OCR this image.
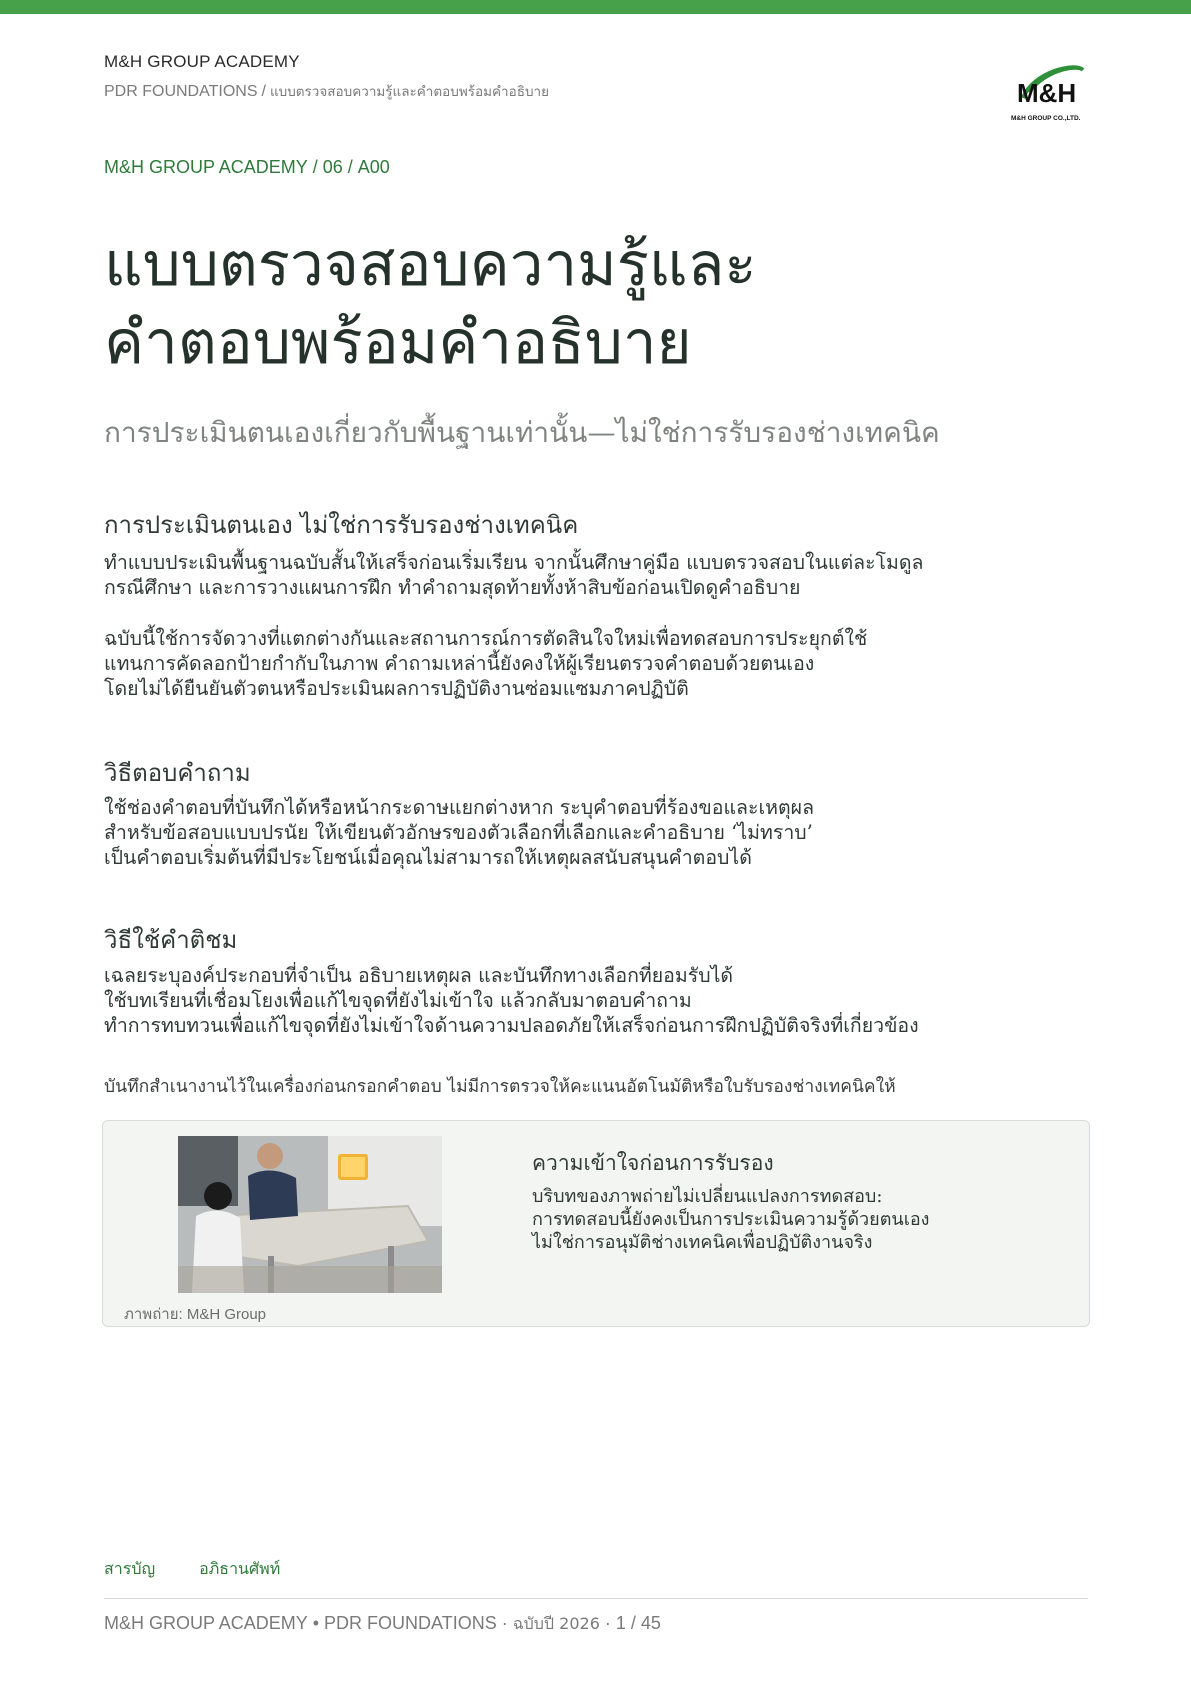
M&H GROUP ACADEMY
PDR FOUNDATIONS / แบบตรวจสอบความรู้และคำตอบพร้อมคำอธิบาย	M&H
M&H GROUP CO.,LTD.
M&H GROUP ACADEMY / 06 / A00
แบบตรวจสอบความรู้และ
คำตอบพร้อมคำอธิบาย
การประเมินตนเองเกี่ยวกับพื้นฐานเท่านั้น—ไม่ใช่การรับรองช่างเทคนิค
การประเมินตนเอง ไม่ใช่การรับรองช่างเทคนิค

ทำแบบประเมินพื้นฐานฉบับสั้นให้เสร็จก่อนเริ่มเรียน จากนั้นศึกษาคู่มือ แบบตรวจสอบในแต่ละโมดูล
กรณีศึกษา และการวางแผนการฝึก ทำคำถามสุดท้ายทั้งห้าสิบข้อก่อนเปิดดูคำอธิบาย

ฉบับนี้ใช้การจัดวางที่แตกต่างกันและสถานการณ์การตัดสินใจใหม่เพื่อทดสอบการประยุกต์ใช้
แทนการคัดลอกป้ายกำกับในภาพ คำถามเหล่านี้ยังคงให้ผู้เรียนตรวจคำตอบด้วยตนเอง
โดยไม่ได้ยืนยันตัวตนหรือประเมินผลการปฏิบัติงานซ่อมแซมภาคปฏิบัติ

วิธีตอบคำถาม

ใช้ช่องคำตอบที่บันทึกได้หรือหน้ากระดาษแยกต่างหาก ระบุคำตอบที่ร้องขอและเหตุผล
สำหรับข้อสอบแบบปรนัย ให้เขียนตัวอักษรของตัวเลือกที่เลือกและคำอธิบาย ‘ไม่ทราบ’
เป็นคำตอบเริ่มต้นที่มีประโยชน์เมื่อคุณไม่สามารถให้เหตุผลสนับสนุนคำตอบได้

วิธีใช้คำติชม

เฉลยระบุองค์ประกอบที่จำเป็น อธิบายเหตุผล และบันทึกทางเลือกที่ยอมรับได้
ใช้บทเรียนที่เชื่อมโยงเพื่อแก้ไขจุดที่ยังไม่เข้าใจ แล้วกลับมาตอบคำถาม
ทำการทบทวนเพื่อแก้ไขจุดที่ยังไม่เข้าใจด้านความปลอดภัยให้เสร็จก่อนการฝึกปฏิบัติจริงที่เกี่ยวข้อง

บันทึกสำเนางานไว้ในเครื่องก่อนกรอกคำตอบ ไม่มีการตรวจให้คะแนนอัตโนมัติหรือใบรับรองช่างเทคนิคให้

ภาพถ่าย: M&H Group
ความเข้าใจก่อนการรับรอง

บริบทของภาพถ่ายไม่เปลี่ยนแปลงการทดสอบ:
การทดสอบนี้ยังคงเป็นการประเมินความรู้ด้วยตนเอง
ไม่ใช่การอนุมัติช่างเทคนิคเพื่อปฏิบัติงานจริง

สารบัญ	อภิธานศัพท์
M&H GROUP ACADEMY • PDR FOUNDATIONS · ฉบับปี 2026 · 1 / 45
